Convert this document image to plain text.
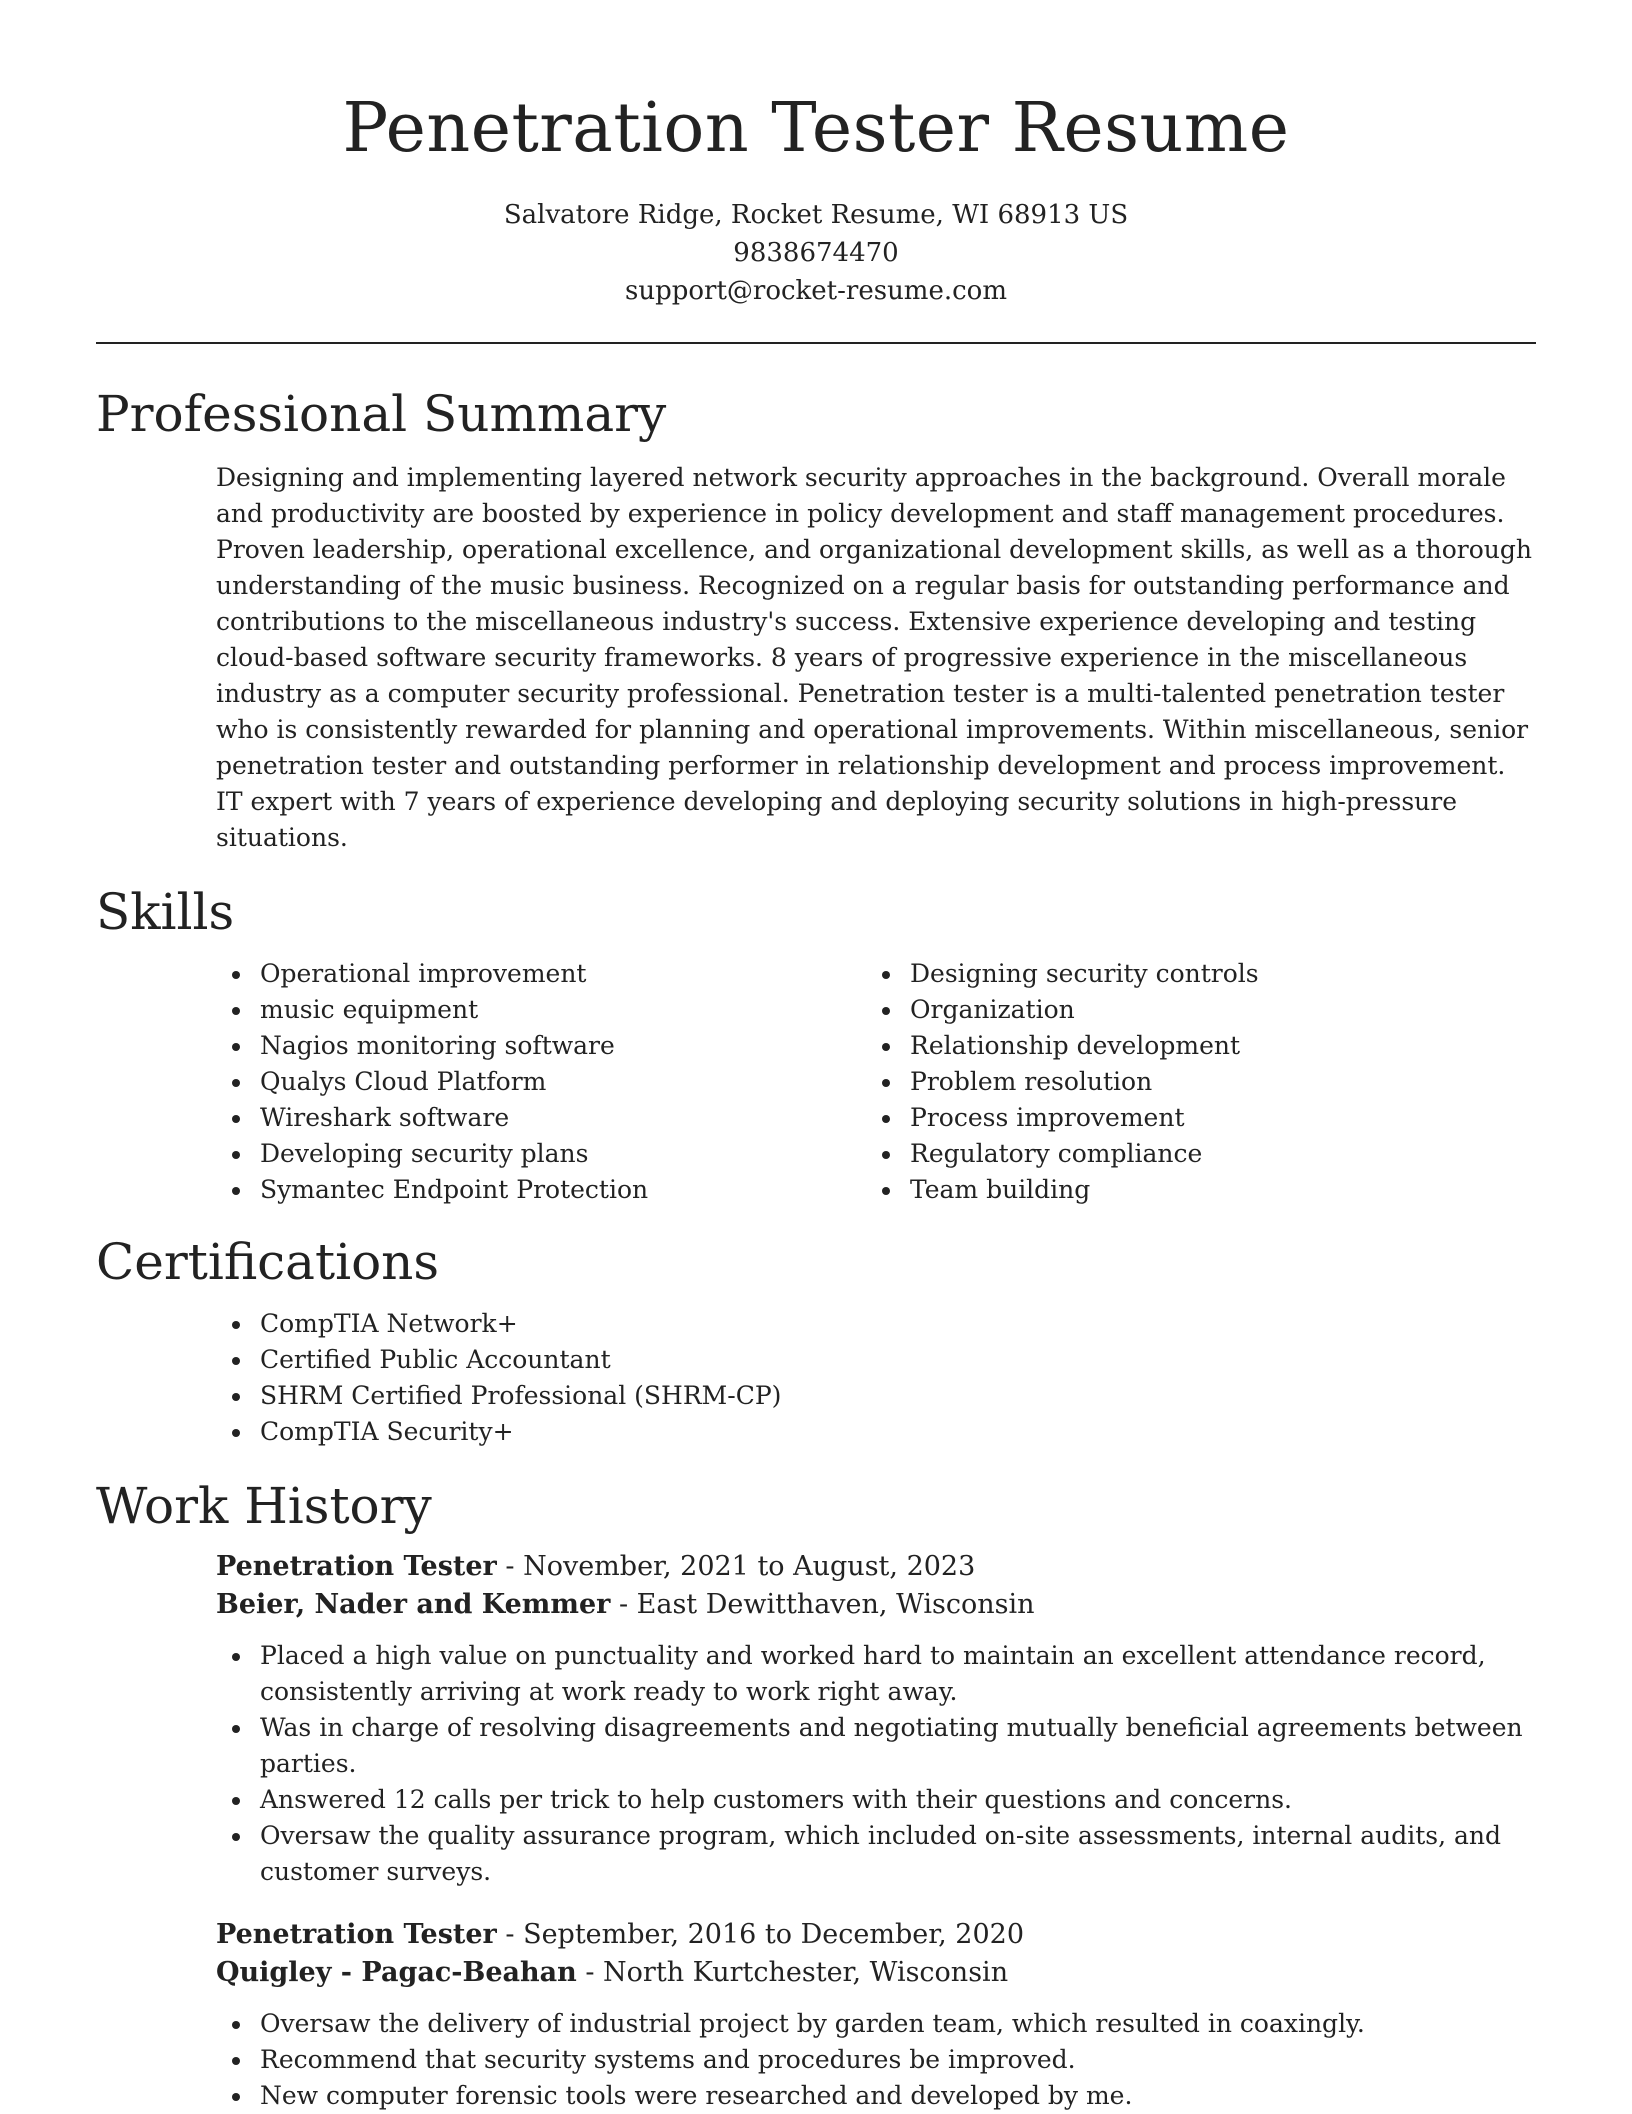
Penetration Tester Resume
Salvatore Ridge, Rocket Resume, WI 68913 US
9838674470
support@rocket-resume.com
Professional Summary

Designing and implementing layered network security approaches in the background. Overall morale and productivity are boosted by experience in policy development and staff management procedures. Proven leadership, operational excellence, and organizational development skills, as well as a thorough understanding of the music business. Recognized on a regular basis for outstanding performance and contributions to the miscellaneous industry's success. Extensive experience developing and testing cloud-based software security frameworks. 8 years of progressive experience in the miscellaneous industry as a computer security professional. Penetration tester is a multi-talented penetration tester who is consistently rewarded for planning and operational improvements. Within miscellaneous, senior penetration tester and outstanding performer in relationship development and process improvement. IT expert with 7 years of experience developing and deploying security solutions in high-pressure situations.

Skills
Operational improvement
music equipment
Nagios monitoring software
Qualys Cloud Platform
Wireshark software
Developing security plans
Symantec Endpoint Protection
Designing security controls
Organization
Relationship development
Problem resolution
Process improvement
Regulatory compliance
Team building
Certifications
CompTIA Network+
Certified Public Accountant
SHRM Certified Professional (SHRM-CP)
CompTIA Security+
Work History
Penetration Tester - November, 2021 to August, 2023
Beier, Nader and Kemmer - East Dewitthaven, Wisconsin
Placed a high value on punctuality and worked hard to maintain an excellent attendance record, consistently arriving at work ready to work right away.
Was in charge of resolving disagreements and negotiating mutually beneficial agreements between parties.
Answered 12 calls per trick to help customers with their questions and concerns.
Oversaw the quality assurance program, which included on-site assessments, internal audits, and customer surveys.
Penetration Tester - September, 2016 to December, 2020
Quigley - Pagac-Beahan - North Kurtchester, Wisconsin
Oversaw the delivery of industrial project by garden team, which resulted in coaxingly.
Recommend that security systems and procedures be improved.
New computer forensic tools were researched and developed by me.
